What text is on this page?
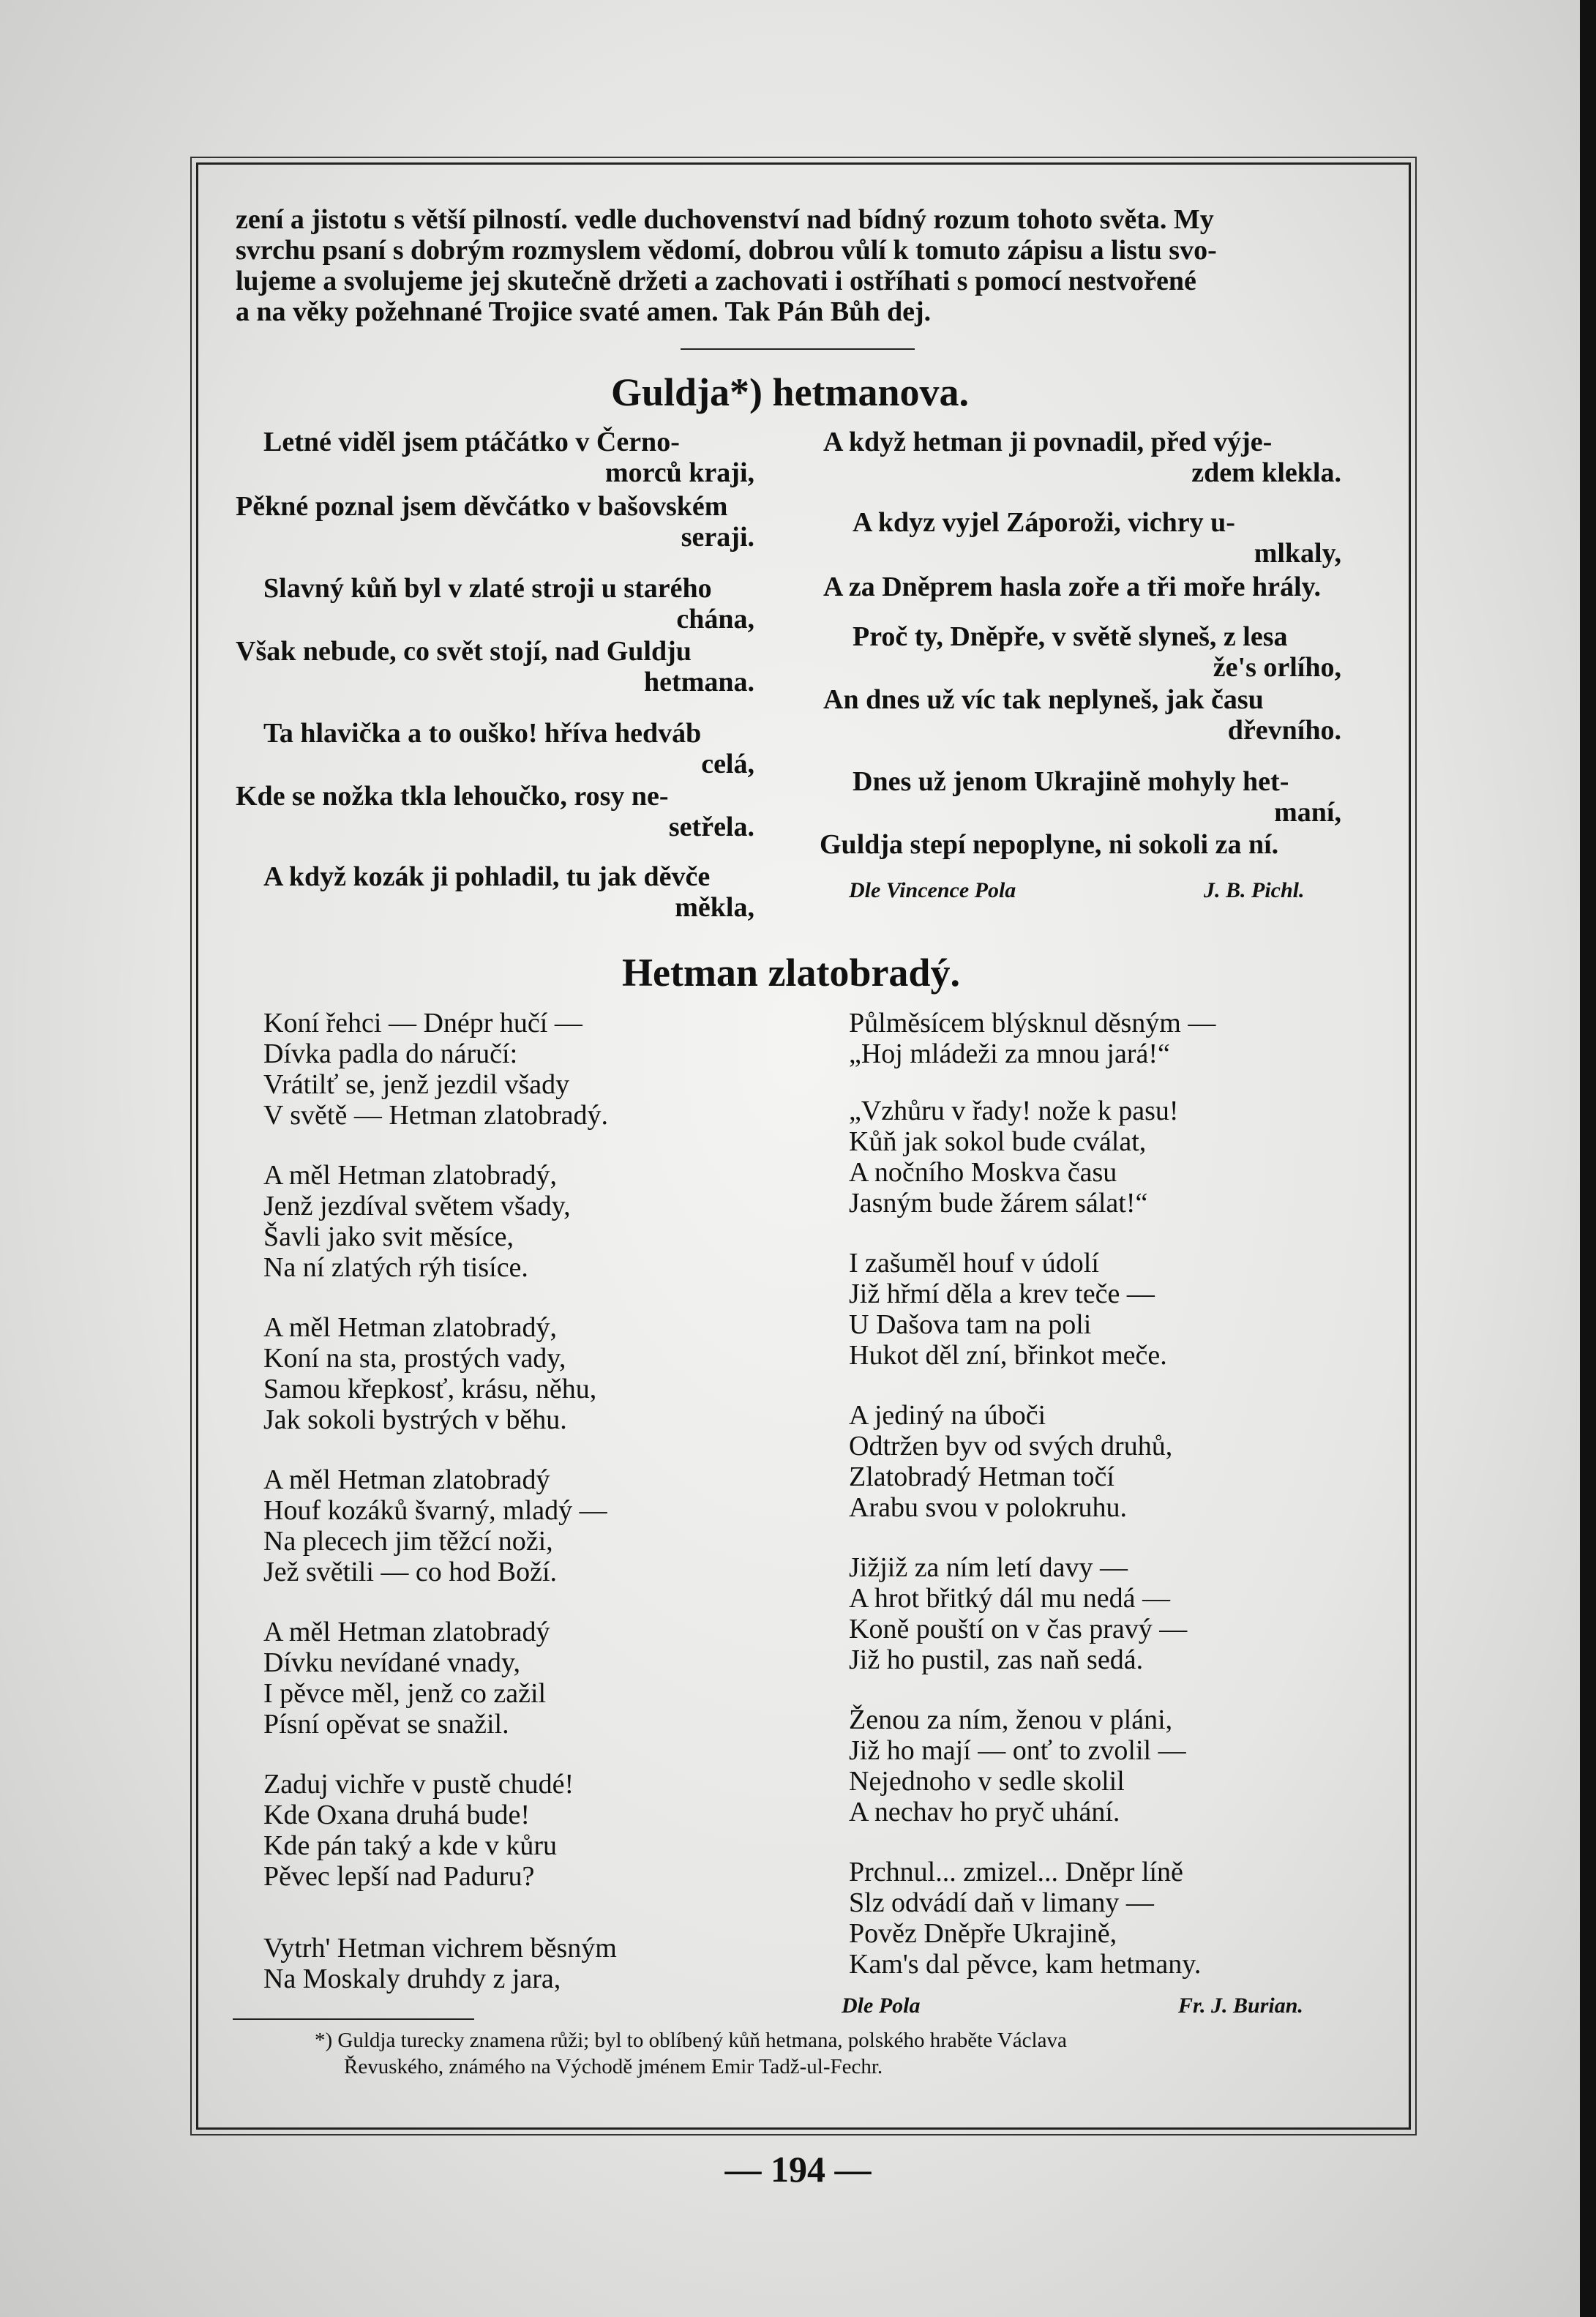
zení a jistotu s větší pilností. vedle duchovenství nad bídný rozum tohoto světa. My
svrchu psaní s dobrým rozmyslem vědomí, dobrou vůlí k tomuto zápisu a listu svo-
lujeme a svolujeme jej skutečně držeti a zachovati i ostříhati s pomocí nestvořené
a na věky požehnané Trojice svaté amen. Tak Pán Bůh dej.
Guldja*) hetmanova.
Letné viděl jsem ptáčátko v Černo-
morců kraji,
Pěkné poznal jsem děvčátko v bašovském
seraji.
Slavný kůň byl v zlaté stroji u starého
chána,
Však nebude, co svět stojí, nad Guldju
hetmana.
Ta hlavička a to ouško! hříva hedváb
celá,
Kde se nožka tkla lehoučko, rosy ne-
setřela.
A když kozák ji pohladil, tu jak děvče
měkla,
A když hetman ji povnadil, před výje-
zdem klekla.
A kdyz vyjel Záporoži, vichry u-
mlkaly,
A za Dněprem hasla zoře a tři moře hrály.
Proč ty, Dněpře, v světě slyneš, z lesa
že's orlího,
An dnes už víc tak neplyneš, jak času
dřevního.
Dnes už jenom Ukrajině mohyly het-
maní,
Guldja stepí nepoplyne, ni sokoli za ní.
Dle Vincence Pola	J. B. Pichl.
Hetman zlatobradý.
Koní řehci — Dnépr hučí —
Dívka padla do náručí:
Vrátilť se, jenž jezdil všady
V světě — Hetman zlatobradý.
A měl Hetman zlatobradý,
Jenž jezdíval světem všady,
Šavli jako svit měsíce,
Na ní zlatých rýh tisíce.
A měl Hetman zlatobradý,
Koní na sta, prostých vady,
Samou křepkosť, krásu, něhu,
Jak sokoli bystrých v běhu.
A měl Hetman zlatobradý
Houf kozáků švarný, mladý —
Na plecech jim těžcí noži,
Jež světili — co hod Boží.
A měl Hetman zlatobradý
Dívku nevídané vnady,
I pěvce měl, jenž co zažil
Písní opěvat se snažil.
Zaduj vichře v pustě chudé!
Kde Oxana druhá bude!
Kde pán taký a kde v kůru
Pěvec lepší nad Paduru?
Vytrh' Hetman vichrem běsným
Na Moskaly druhdy z jara,
Půlměsícem blýsknul děsným —
„Hoj mládeži za mnou jará!“
„Vzhůru v řady! nože k pasu!
Kůň jak sokol bude cválat,
A nočního Moskva času
Jasným bude žárem sálat!“
I zašuměl houf v údolí
Již hřmí děla a krev teče —
U Dašova tam na poli
Hukot děl zní, břinkot meče.
A jediný na úboči
Odtržen byv od svých druhů,
Zlatobradý Hetman točí
Arabu svou v polokruhu.
Jižjiž za ním letí davy —
A hrot břitký dál mu nedá —
Koně pouští on v čas pravý —
Již ho pustil, zas naň sedá.
Ženou za ním, ženou v pláni,
Již ho mají — onť to zvolil —
Nejednoho v sedle skolil
A nechav ho pryč uhání.
Prchnul... zmizel... Dněpr líně
Slz odvádí daň v limany —
Pověz Dněpře Ukrajině,
Kam's dal pěvce, kam hetmany.
Dle Pola	Fr. J. Burian.
*) Guldja turecky znamena růži; byl to oblíbený kůň hetmana, polského hraběte Václava
Řevuského, známého na Východě jménem Emir Tadž-ul-Fechr.
— 194 —
